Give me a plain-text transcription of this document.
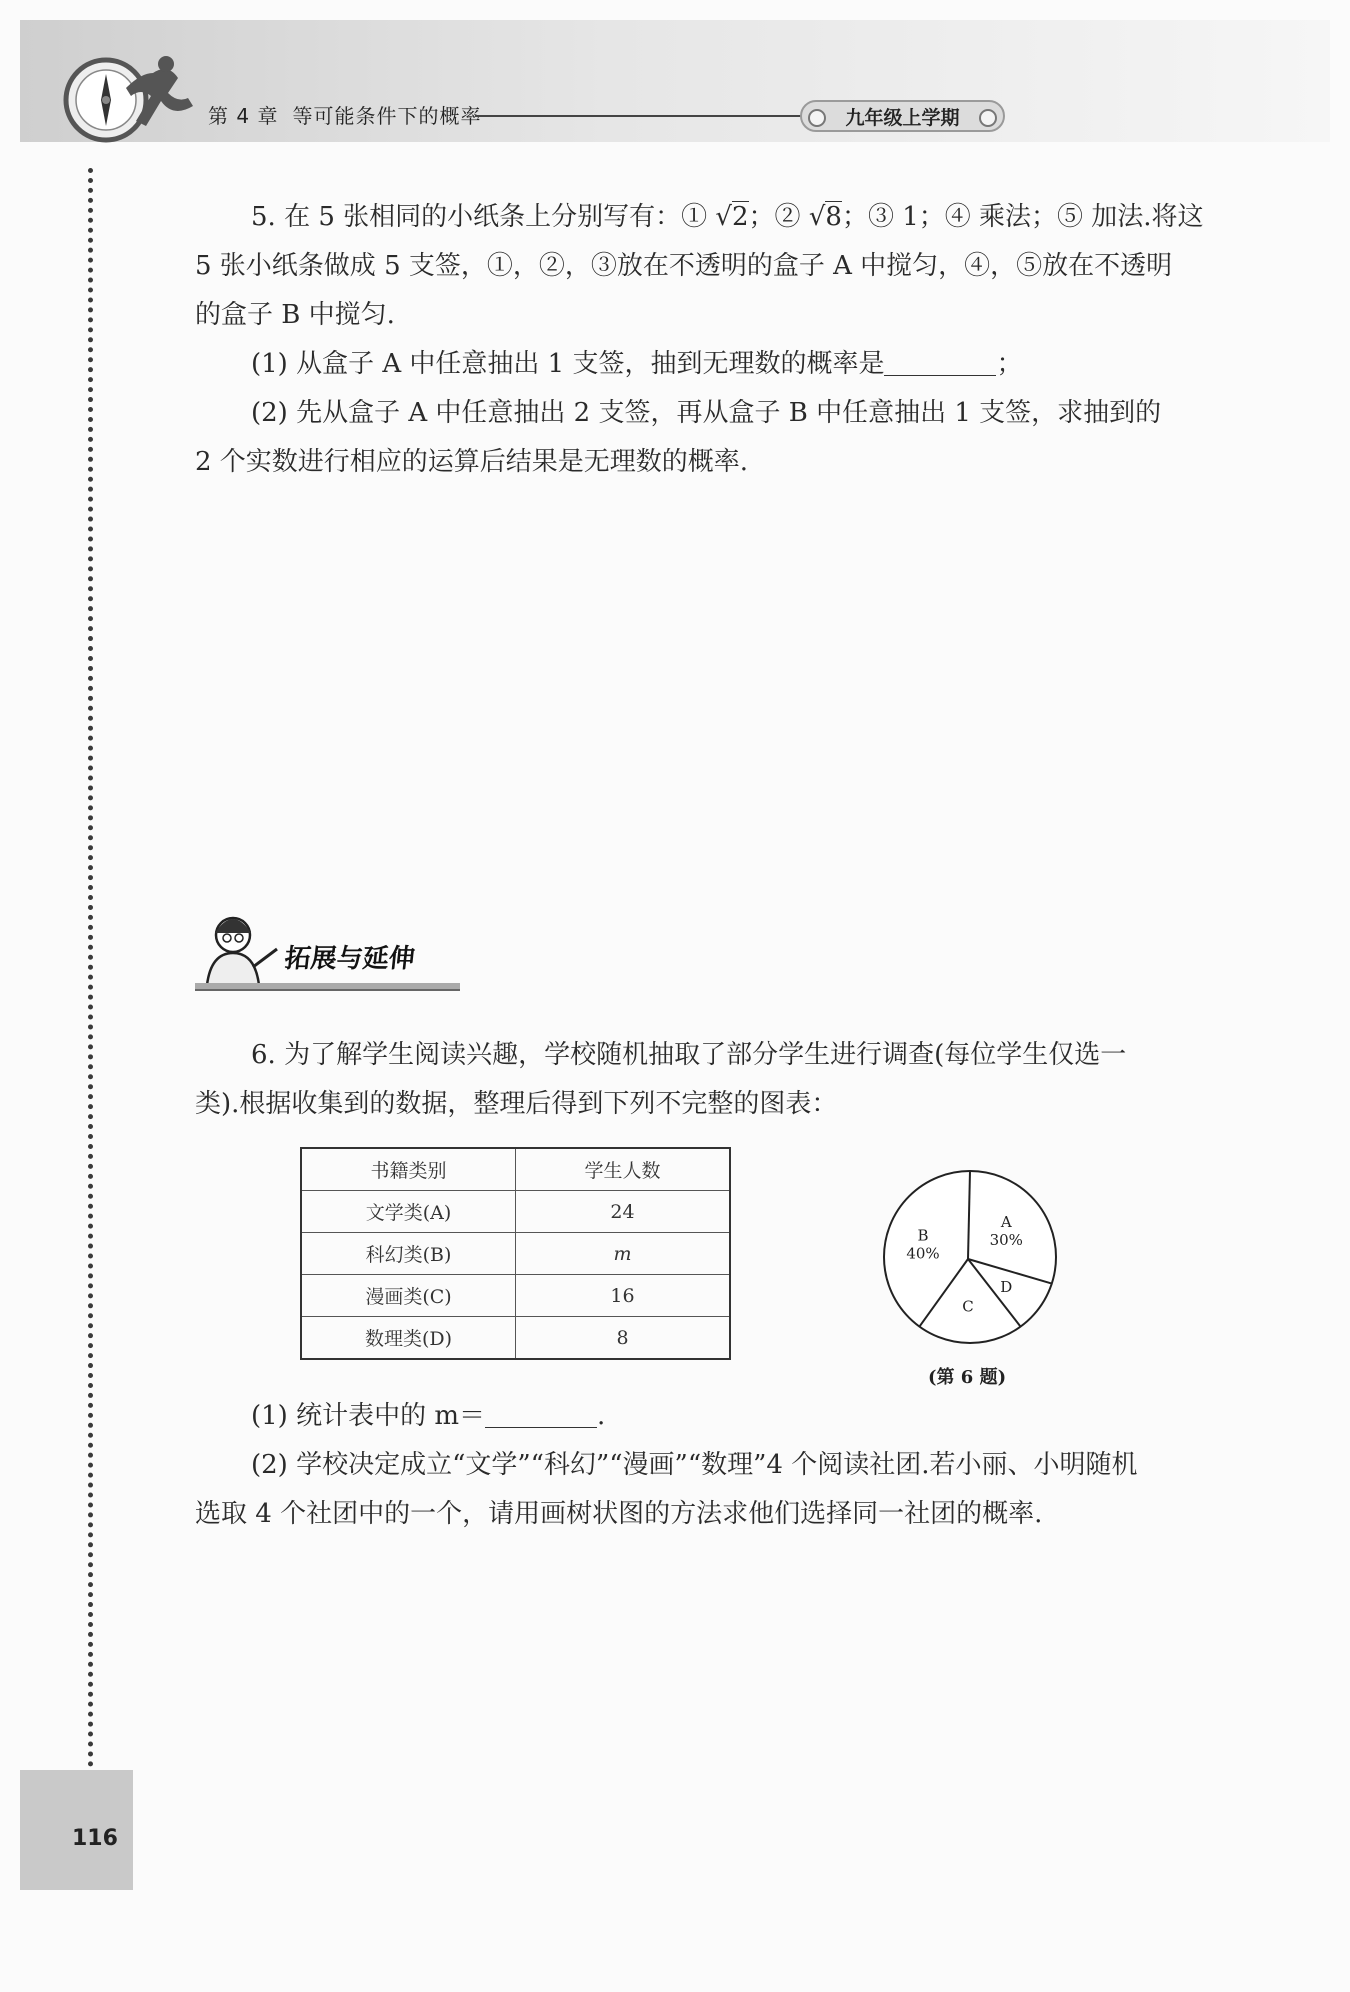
第 4 章 等可能条件下的概率	九年级上学期
5. 在 5 张相同的小纸条上分别写有：① √2；② √8；③ 1；④ 乘法；⑤ 加法.将这
5 张小纸条做成 5 支签，①，②，③放在不透明的盒子 A 中搅匀，④，⑤放在不透明
的盒子 B 中搅匀.
(1) 从盒子 A 中任意抽出 1 支签，抽到无理数的概率是	；
(2) 先从盒子 A 中任意抽出 2 支签，再从盒子 B 中任意抽出 1 支签，求抽到的
2 个实数进行相应的运算后结果是无理数的概率.
拓展与延伸
6. 为了解学生阅读兴趣，学校随机抽取了部分学生进行调查(每位学生仅选一
类).根据收集到的数据，整理后得到下列不完整的图表：
书籍类别	学生人数
文学类(A)	24
科幻类(B)	m
漫画类(C)	16
数理类(D)	8
A
30%
D
C
B
40%
(第 6 题)
(1) 统计表中的 m＝	.
(2) 学校决定成立“文学”“科幻”“漫画”“数理”4 个阅读社团.若小丽、小明随机
选取 4 个社团中的一个，请用画树状图的方法求他们选择同一社团的概率.
116
